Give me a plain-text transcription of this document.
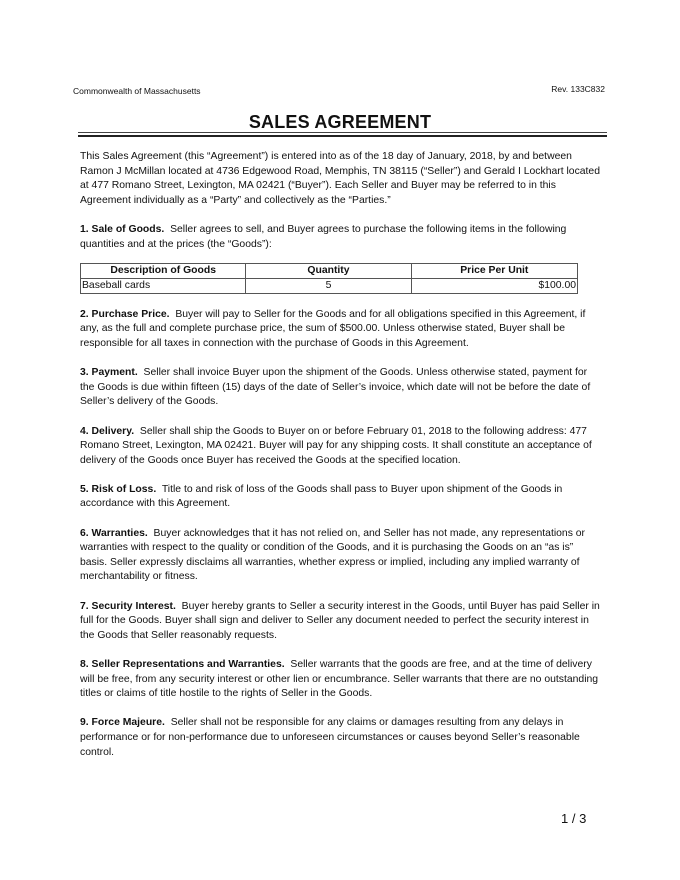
Commonwealth of Massachusetts	Rev. 133C832
SALES AGREEMENT

This Sales Agreement (this “Agreement”) is entered into as of the 18 day of January, 2018, by and between Ramon J McMillan located at 4736 Edgewood Road, Memphis, TN 38115 (“Seller”) and Gerald I Lockhart located at 477 Romano Street, Lexington, MA 02421 (“Buyer”). Each Seller and Buyer may be referred to in this Agreement individually as a “Party” and collectively as the “Parties.”

1. Sale of Goods. Seller agrees to sell, and Buyer agrees to purchase the following items in the following quantities and at the prices (the “Goods”):

Description of Goods	Quantity	Price Per Unit
Baseball cards	5	$100.00

2. Purchase Price. Buyer will pay to Seller for the Goods and for all obligations specified in this Agreement, if any, as the full and complete purchase price, the sum of $500.00. Unless otherwise stated, Buyer shall be responsible for all taxes in connection with the purchase of Goods in this Agreement.

3. Payment. Seller shall invoice Buyer upon the shipment of the Goods. Unless otherwise stated, payment for the Goods is due within fifteen (15) days of the date of Seller’s invoice, which date will not be before the date of Seller’s delivery of the Goods.

4. Delivery. Seller shall ship the Goods to Buyer on or before February 01, 2018 to the following address: 477 Romano Street, Lexington, MA 02421. Buyer will pay for any shipping costs. It shall constitute an acceptance of delivery of the Goods once Buyer has received the Goods at the specified location.

5. Risk of Loss. Title to and risk of loss of the Goods shall pass to Buyer upon shipment of the Goods in accordance with this Agreement.

6. Warranties. Buyer acknowledges that it has not relied on, and Seller has not made, any representations or warranties with respect to the quality or condition of the Goods, and it is purchasing the Goods on an “as is” basis. Seller expressly disclaims all warranties, whether express or implied, including any implied warranty of merchantability or fitness.

7. Security Interest. Buyer hereby grants to Seller a security interest in the Goods, until Buyer has paid Seller in full for the Goods. Buyer shall sign and deliver to Seller any document needed to perfect the security interest in the Goods that Seller reasonably requests.

8. Seller Representations and Warranties. Seller warrants that the goods are free, and at the time of delivery will be free, from any security interest or other lien or encumbrance. Seller warrants that there are no outstanding titles or claims of title hostile to the rights of Seller in the Goods.

9. Force Majeure. Seller shall not be responsible for any claims or damages resulting from any delays in performance or for non-performance due to unforeseen circumstances or causes beyond Seller’s reasonable control.

1 / 3
